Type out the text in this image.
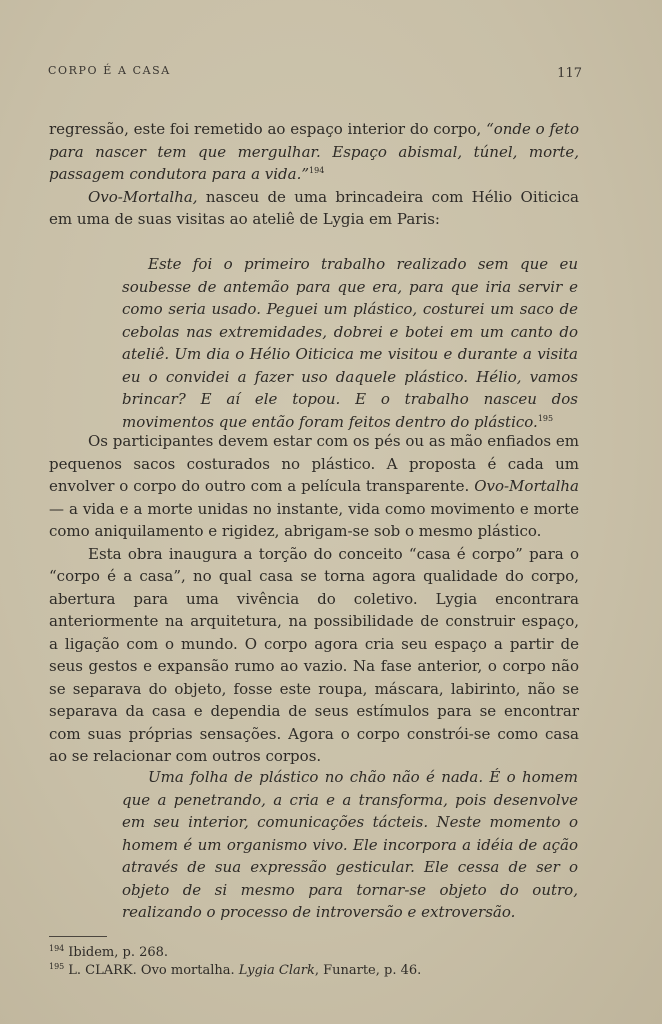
CORPO É A CASA	117

regressão, este foi remetido ao espaço interior do corpo, “onde o feto para nascer tem que mergulhar. Espaço abismal, túnel, morte, passagem condutora para a vida.”$^{194}$

Ovo-Mortalha, nasceu de uma brincadeira com Hélio Oiticica em uma de suas visitas ao ateliê de Lygia em Paris:

Este foi o primeiro trabalho realizado sem que eu soubesse de antemão para que era, para que iria servir e como seria usado. Peguei um plástico, costurei um saco de cebolas nas extremidades, dobrei e botei em um canto do ateliê. Um dia o Hélio Oiticica me visitou e durante a visita eu o convidei a fazer uso daquele plástico. Hélio, vamos brincar? E aí ele topou. E o trabalho nasceu dos movimentos que então foram feitos dentro do plástico.$^{195}$

Os participantes devem estar com os pés ou as mão enfiados em pequenos sacos costurados no plástico. A proposta é cada um envolver o corpo do outro com a película transparente. Ovo-Mortalha — a vida e a morte unidas no instante, vida como movimento e morte como aniquilamento e rigidez, abrigam-se sob o mesmo plástico.

Esta obra inaugura a torção do conceito “casa é corpo” para o “corpo é a casa”, no qual casa se torna agora qualidade do corpo, abertura para uma vivência do coletivo. Lygia encontrara anteriormente na arquitetura, na possibilidade de construir espaço, a ligação com o mundo. O corpo agora cria seu espaço a partir de seus gestos e expansão rumo ao vazio. Na fase anterior, o corpo não se separava do objeto, fosse este roupa, máscara, labirinto, não se separava da casa e dependia de seus estímulos para se encontrar com suas próprias sensações. Agora o corpo constrói-se como casa ao se relacionar com outros corpos.

Uma folha de plástico no chão não é nada. É o homem que a penetrando, a cria e a transforma, pois desenvolve em seu interior, comunicações tácteis. Neste momento o homem é um organismo vivo. Ele incorpora a idéia de ação através de sua expressão gesticular. Ele cessa de ser o objeto de si mesmo para tornar-se objeto do outro, realizando o processo de introversão e extroversão.

$^{194}$ Ibidem, p. 268.

$^{195}$ L. CLARK. Ovo mortalha. Lygia Clark, Funarte, p. 46.
